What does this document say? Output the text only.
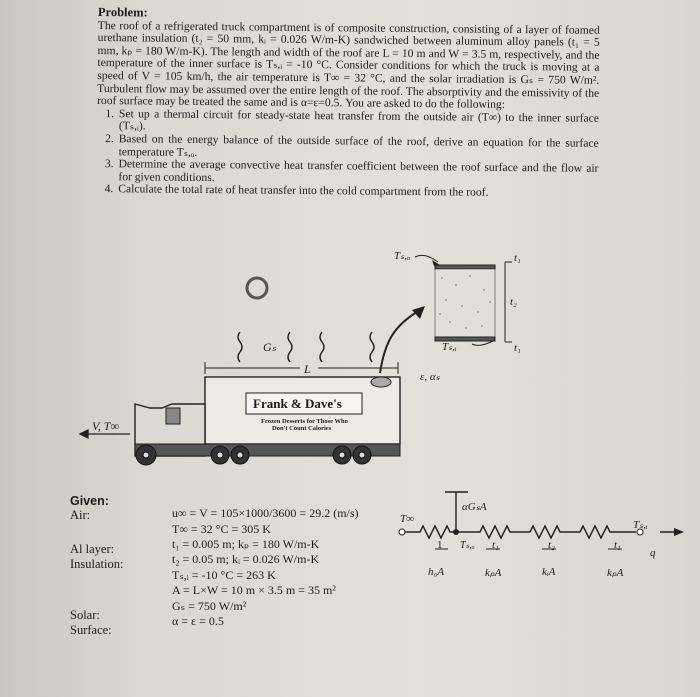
Problem:

The roof of a refrigerated truck compartment is of composite construction, consisting of a layer of foamed urethane insulation (t₂ = 50 mm, kᵢ = 0.026 W/m-K) sandwiched between aluminum alloy panels (t₁ = 5 mm, kₚ = 180 W/m-K). The length and width of the roof are L = 10 m and W = 3.5 m, respectively, and the temperature of the inner surface is Tₛ,ᵢ = -10 °C. Consider conditions for which the truck is moving at a speed of V = 105 km/h, the air temperature is T∞ = 32 °C, and the solar irradiation is Gₛ = 750 W/m². Turbulent flow may be assumed over the entire length of the roof. The absorptivity and the emissivity of the roof surface may be treated the same and is α=ε=0.5. You are asked to do the following:

1. Set up a thermal circuit for steady-state heat transfer from the outside air (T∞) to the inner surface (Tₛ,ᵢ).
2. Based on the energy balance of the outside surface of the roof, derive an equation for the surface temperature Tₛ,ₒ.
3. Determine the average convective heat transfer coefficient between the roof surface and the flow air for given conditions.
4. Calculate the total rate of heat transfer into the cold compartment from the roof.
Gₛ
L
ε, αₛ
V, T∞
Tₛ,ₒ
Tₛ,ᵢ
t₁
t₂
t₁
Frank & Dave's
Frozen Desserts for Those Who
Don't Count Calories
Given:
Air:
Al layer:
Insulation:
Solar:
Surface:
u∞ = V = 105×1000/3600 = 29.2 (m/s)
T∞ = 32 °C = 305 K
t₁ = 0.005 m; kₚ = 180 W/m-K
t₂ = 0.05 m; kᵢ = 0.026 W/m-K
Tₛ,ᵢ = -10 °C = 263 K
A = L×W = 10 m × 3.5 m = 35 m²
Gₛ = 750 W/m²
α = ε = 0.5
T∞
αGₛA
Tₛ,ₒ
Tₛ,ᵢ
q
1
h₀A
t₁
kₚA
t₂
kᵢA
t₁
kₚA
